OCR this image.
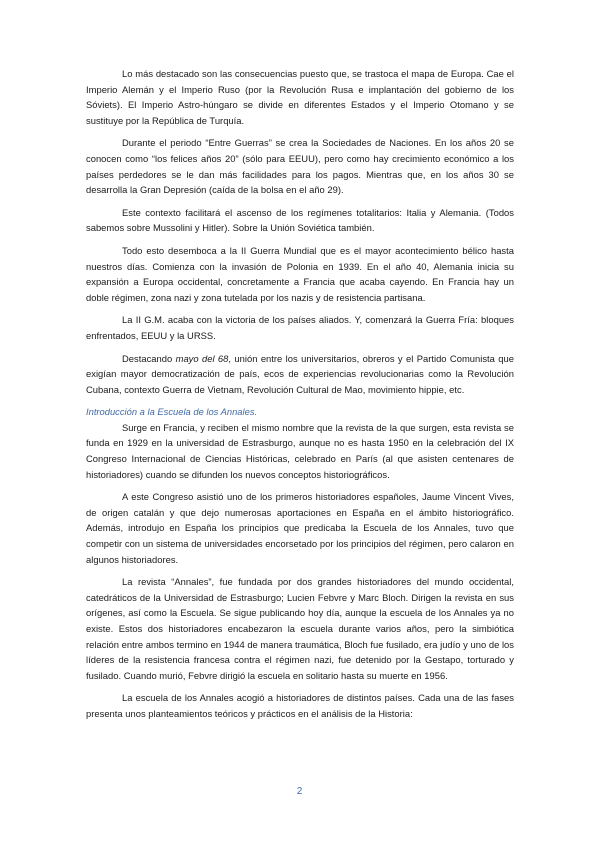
Lo más destacado son las consecuencias puesto que, se trastoca el mapa de Europa. Cae el Imperio Alemán y el Imperio Ruso (por la Revolución Rusa e implantación del gobierno de los Sóviets). El Imperio Astro-húngaro se divide en diferentes Estados y el Imperio Otomano y se sustituye por la República de Turquía.

Durante el periodo “Entre Guerras” se crea la Sociedades de Naciones. En los años 20 se conocen como “los felices años 20” (sólo para EEUU), pero como hay crecimiento económico a los países perdedores se le dan más facilidades para los pagos. Mientras que, en los años 30 se desarrolla la Gran Depresión (caída de la bolsa en el año 29).

Este contexto facilitará el ascenso de los regímenes totalitarios: Italia y Alemania. (Todos sabemos sobre Mussolini y Hitler). Sobre la Unión Soviética también.

Todo esto desemboca a la II Guerra Mundial que es el mayor acontecimiento bélico hasta nuestros días. Comienza con la invasión de Polonia en 1939. En el año 40, Alemania inicia su expansión a Europa occidental, concretamente a Francia que acaba cayendo. En Francia hay un doble régimen, zona nazi y zona tutelada por los nazis y de resistencia partisana.

La II G.M. acaba con la victoria de los países aliados. Y, comenzará la Guerra Fría: bloques enfrentados, EEUU y la URSS.

Destacando mayo del 68, unión entre los universitarios, obreros y el Partido Comunista que exigían mayor democratización de país, ecos de experiencias revolucionarias como la Revolución Cubana, contexto Guerra de Vietnam, Revolución Cultural de Mao, movimiento hippie, etc.

Introducción a la Escuela de los Annales.

Surge en Francia, y reciben el mismo nombre que la revista de la que surgen, esta revista se funda en 1929 en la universidad de Estrasburgo, aunque no es hasta 1950 en la celebración del IX Congreso Internacional de Ciencias Históricas, celebrado en París (al que asisten centenares de historiadores) cuando se difunden los nuevos conceptos historiográficos.

A este Congreso asistió uno de los primeros historiadores españoles, Jaume Vincent Vives, de origen catalán y que dejo numerosas aportaciones en España en el ámbito historiográfico. Además, introdujo en España los principios que predicaba la Escuela de los Annales, tuvo que competir con un sistema de universidades encorsetado por los principios del régimen, pero calaron en algunos historiadores.

La revista “Annales”, fue fundada por dos grandes historiadores del mundo occidental, catedráticos de la Universidad de Estrasburgo; Lucien Febvre y Marc Bloch. Dirigen la revista en sus orígenes, así como la Escuela. Se sigue publicando hoy día, aunque la escuela de los Annales ya no existe. Estos dos historiadores encabezaron la escuela durante varios años, pero la simbiótica relación entre ambos termino en 1944 de manera traumática, Bloch fue fusilado, era judío y uno de los líderes de la resistencia francesa contra el régimen nazi, fue detenido por la Gestapo, torturado y fusilado. Cuando murió, Febvre dirigió la escuela en solitario hasta su muerte en 1956.

La escuela de los Annales acogió a historiadores de distintos países. Cada una de las fases presenta unos planteamientos teóricos y prácticos en el análisis de la Historia:

2
